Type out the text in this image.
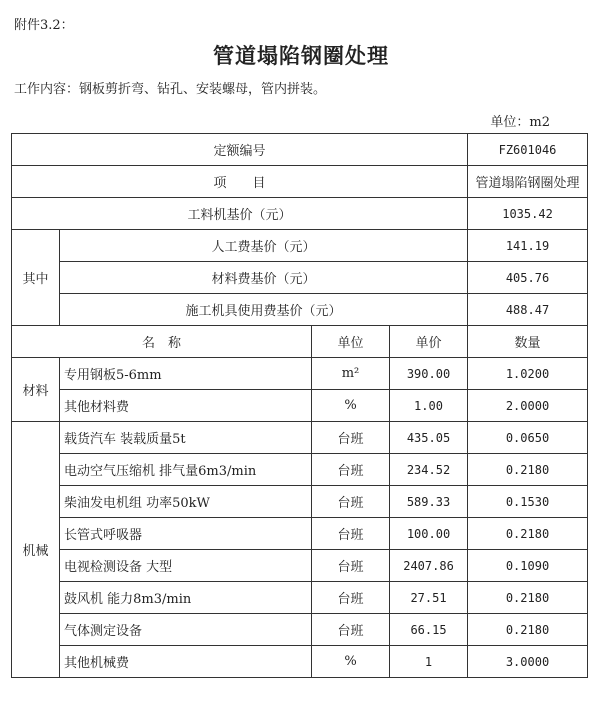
附件3.2：
管道塌陷钢圈处理
工作内容：钢板剪折弯、钻孔、安装螺母，管内拼装。
单位：m2
定额编号				FZ601046
项　　目				管道塌陷钢圈处理
工料机基价（元）				1035.42
其中	人工费基价（元）			141.19
	材料费基价（元）			405.76
	施工机具使用费基价（元）			488.47
名　称		单位	单价	数量
材料	专用钢板5-6mm	m²	390.00	1.0200
	其他材料费	%	1.00	2.0000
机械	载货汽车 装载质量5t	台班	435.05	0.0650
	电动空气压缩机 排气量6m3/min	台班	234.52	0.2180
	柴油发电机组 功率50kW	台班	589.33	0.1530
	长管式呼吸器	台班	100.00	0.2180
	电视检测设备 大型	台班	2407.86	0.1090
	鼓风机 能力8m3/min	台班	27.51	0.2180
	气体测定设备	台班	66.15	0.2180
	其他机械费	%	1	3.0000
